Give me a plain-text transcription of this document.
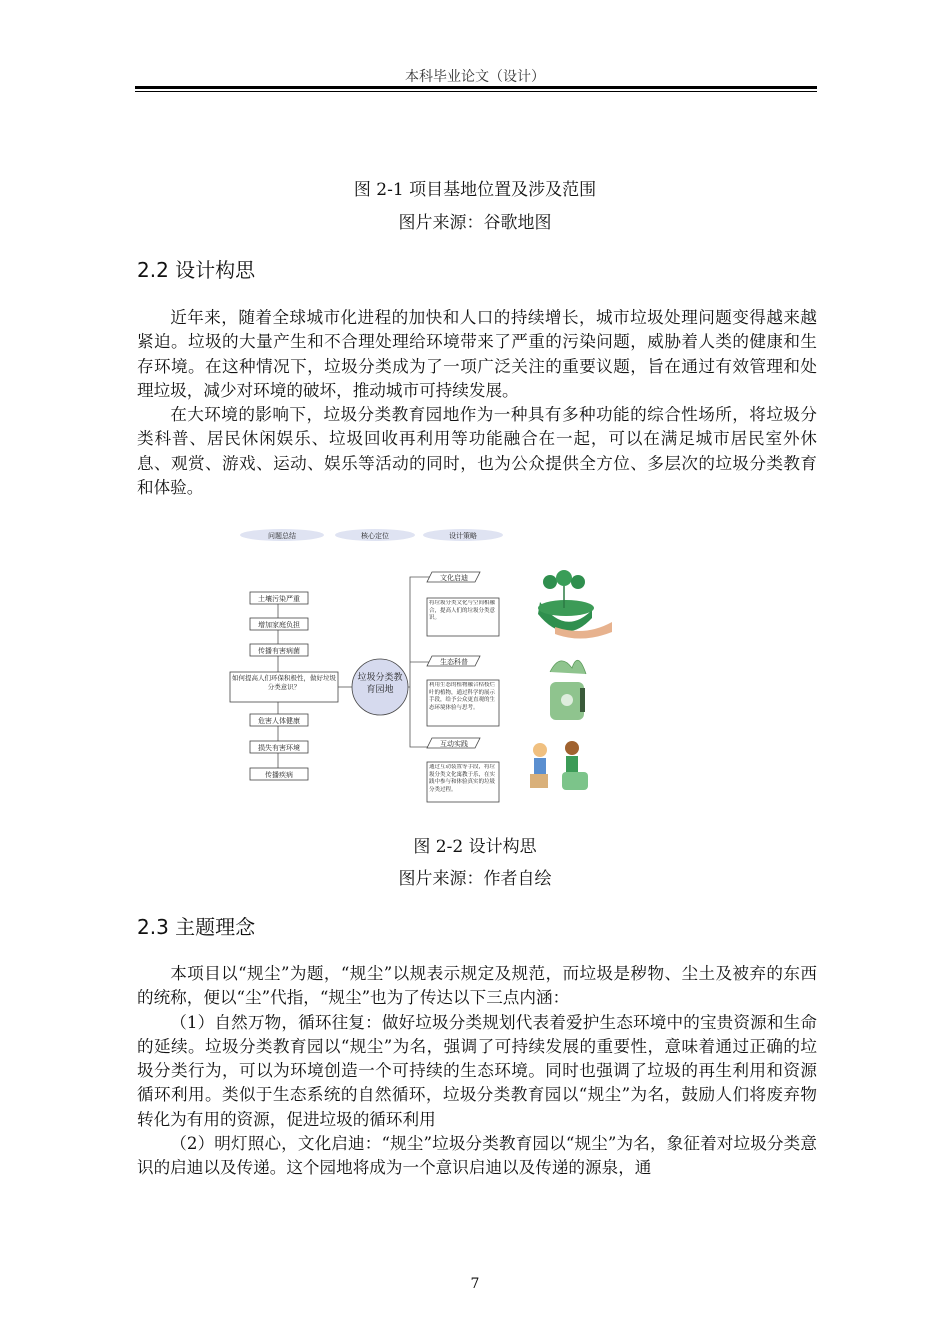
本科毕业论文（设计）
图 2-1 项目基地位置及涉及范围
图片来源：谷歌地图
2.2 设计构思

近年来，随着全球城市化进程的加快和人口的持续增长，城市垃圾处理问题变得越来越紧迫。垃圾的大量产生和不合理处理给环境带来了严重的污染问题，威胁着人类的健康和生存环境。在这种情况下，垃圾分类成为了一项广泛关注的重要议题，旨在通过有效管理和处理垃圾，减少对环境的破坏，推动城市可持续发展。

在大环境的影响下，垃圾分类教育园地作为一种具有多种功能的综合性场所，将垃圾分类科普、居民休闲娱乐、垃圾回收再利用等功能融合在一起，可以在满足城市居民室外休息、观赏、游戏、运动、娱乐等活动的同时，也为公众提供全方位、多层次的垃圾分类教育和体验。

问题总结	核心定位	设计策略
土壤污染严重
增加家庭负担
传播有害病菌
如何提高人们环保积极性，做好垃圾分类意识？
危害人体健康
损失有害环境
传播疾病
垃圾分类教育园地
文化启迪
将垃圾分类文化与空间相融合，提高人们的垃圾分类意识。
生态科普
利用生态的植物融合枯枝烂叶的植物，通过科学的展示手段，给予公众更直观的生态环境体验与思考。
互动实践
通过互动装置等手段，将垃圾分类文化寓教于乐，在实践中参与和体验真实的垃圾分类过程。
图 2-2 设计构思
图片来源：作者自绘
2.3 主题理念

本项目以“规尘”为题，“规尘”以规表示规定及规范，而垃圾是秽物、尘土及被弃的东西的统称，便以“尘”代指，“规尘”也为了传达以下三点内涵：

（1）自然万物，循环往复：做好垃圾分类规划代表着爱护生态环境中的宝贵资源和生命的延续。垃圾分类教育园以“规尘”为名，强调了可持续发展的重要性，意味着通过正确的垃圾分类行为，可以为环境创造一个可持续的生态环境。同时也强调了垃圾的再生利用和资源循环利用。类似于生态系统的自然循环，垃圾分类教育园以“规尘”为名，鼓励人们将废弃物转化为有用的资源，促进垃圾的循环利用

（2）明灯照心，文化启迪：“规尘”垃圾分类教育园以“规尘”为名，象征着对垃圾分类意识的启迪以及传递。这个园地将成为一个意识启迪以及传递的源泉，通

7
